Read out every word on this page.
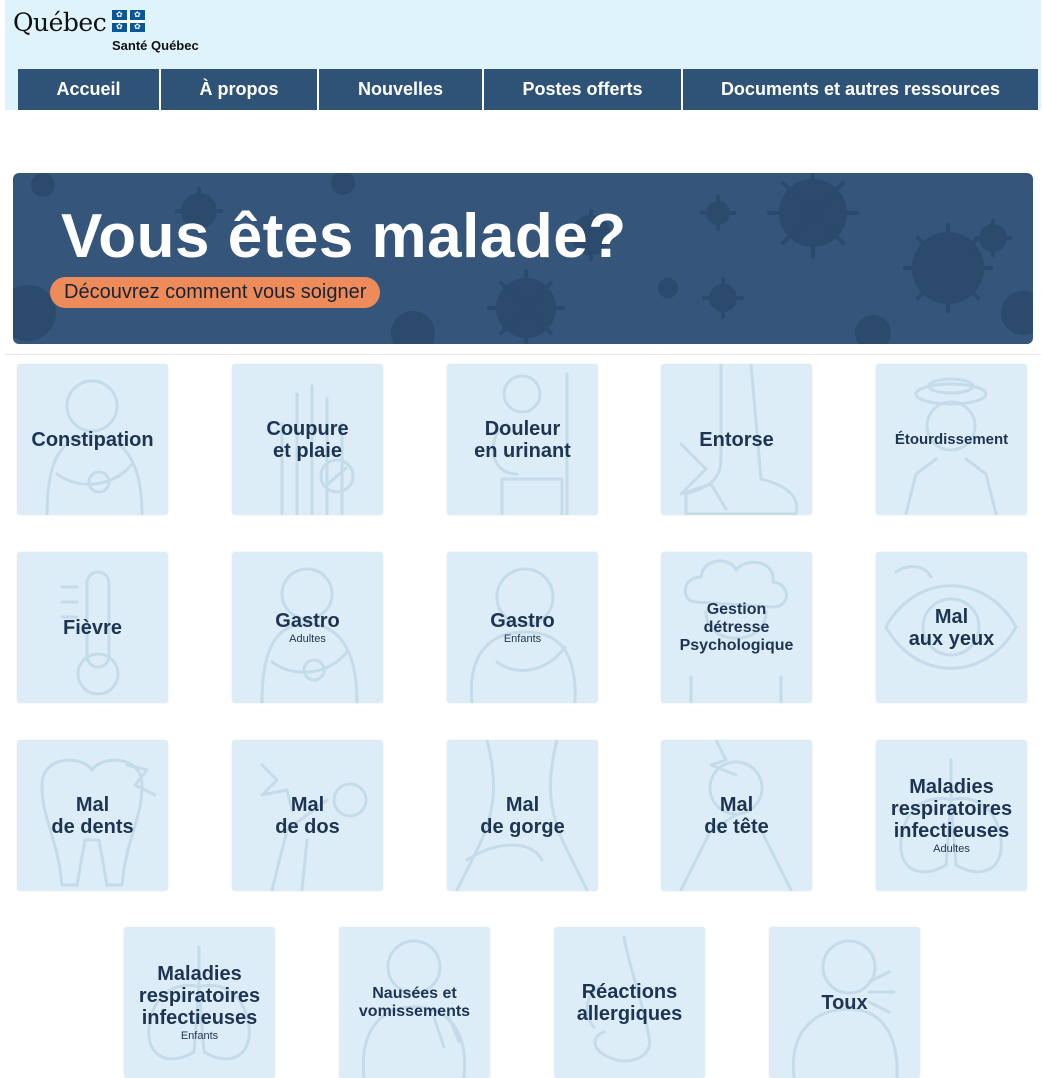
Québec ✿ ✿
✿ ✿
Santé Québec
Accueil	À propos	Nouvelles	Postes offerts	Documents et autres ressources
Vous êtes malade?
Découvrez comment vous soigner
Constipation	Coupure
et plaie
Douleur
en urinant	Entorse	Étourdissement
Fièvre	Gastro
Adultes
Gastro
Enfants
Gestion
détresse
Psychologique
Mal
aux yeux
Mal
de dents
Mal
de dos
Mal
de gorge
Mal
de tête
Maladies
respiratoires
infectieuses
Adultes
Maladies
respiratoires
infectieuses
Enfants
Nausées et
vomissements
Réactions
allergiques	Toux
